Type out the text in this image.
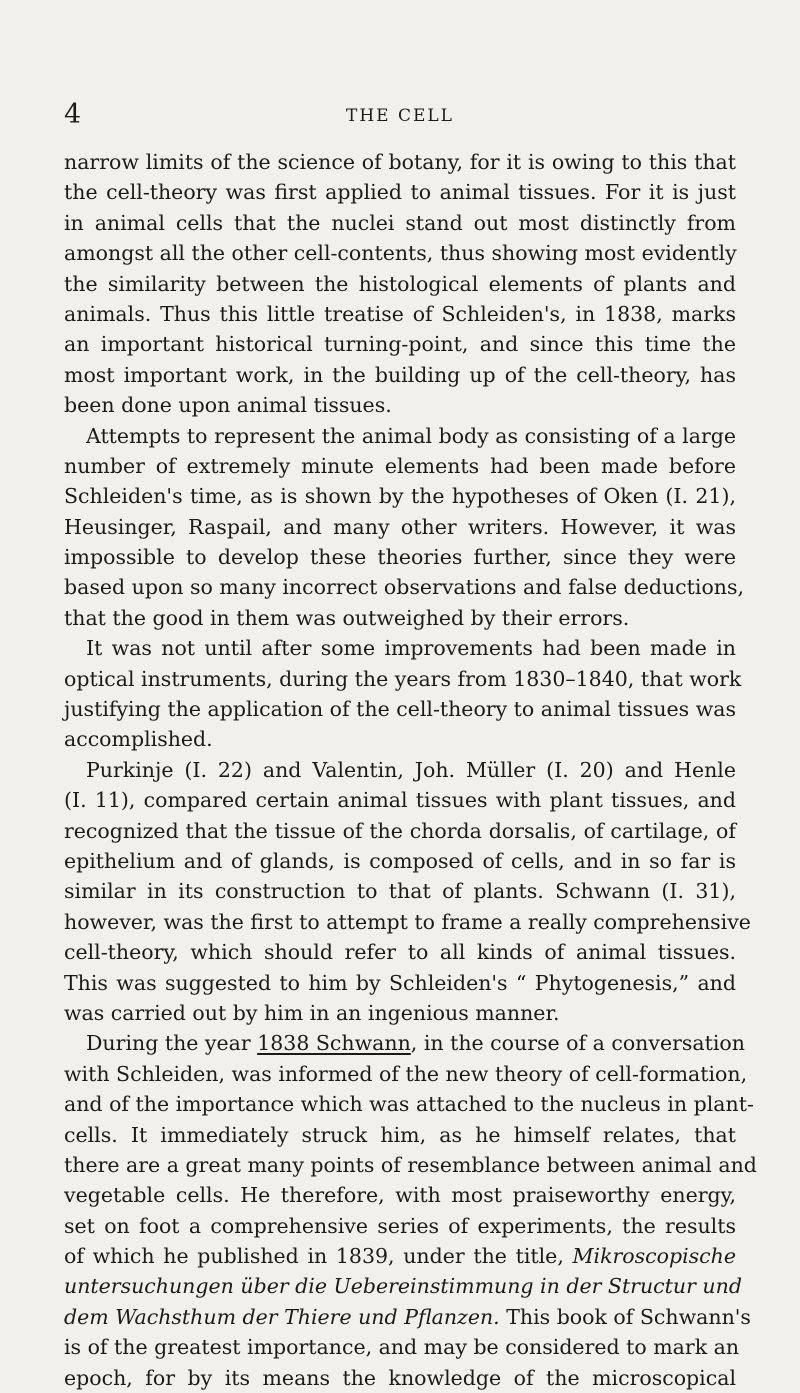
4	THE CELL
narrow limits of the science of botany, for it is owing to this that
the cell-theory was first applied to animal tissues. For it is just
in animal cells that the nuclei stand out most distinctly from
amongst all the other cell-contents, thus showing most evidently
the similarity between the histological elements of plants and
animals. Thus this little treatise of Schleiden's, in 1838, marks
an important historical turning-point, and since this time the
most important work, in the building up of the cell-theory, has
been done upon animal tissues.
Attempts to represent the animal body as consisting of a large
number of extremely minute elements had been made before
Schleiden's time, as is shown by the hypotheses of Oken (I. 21),
Heusinger, Raspail, and many other writers. However, it was
impossible to develop these theories further, since they were
based upon so many incorrect observations and false deductions,
that the good in them was outweighed by their errors.
It was not until after some improvements had been made in
optical instruments, during the years from 1830–1840, that work
justifying the application of the cell-theory to animal tissues was
accomplished.
Purkinje (I. 22) and Valentin, Joh. Müller (I. 20) and Henle
(I. 11), compared certain animal tissues with plant tissues, and
recognized that the tissue of the chorda dorsalis, of cartilage, of
epithelium and of glands, is composed of cells, and in so far is
similar in its construction to that of plants. Schwann (I. 31),
however, was the first to attempt to frame a really comprehensive
cell-theory, which should refer to all kinds of animal tissues.
This was suggested to him by Schleiden's “ Phytogenesis,” and
was carried out by him in an ingenious manner.
During the year 1838 Schwann, in the course of a conversation
with Schleiden, was informed of the new theory of cell-formation,
and of the importance which was attached to the nucleus in plant-
cells. It immediately struck him, as he himself relates, that
there are a great many points of resemblance between animal and
vegetable cells. He therefore, with most praiseworthy energy,
set on foot a comprehensive series of experiments, the results
of which he published in 1839, under the title, Mikroscopische
untersuchungen über die Uebereinstimmung in der Structur und
dem Wachsthum der Thiere und Pflanzen. This book of Schwann's
is of the greatest importance, and may be considered to mark an
epoch, for by its means the knowledge of the microscopical
